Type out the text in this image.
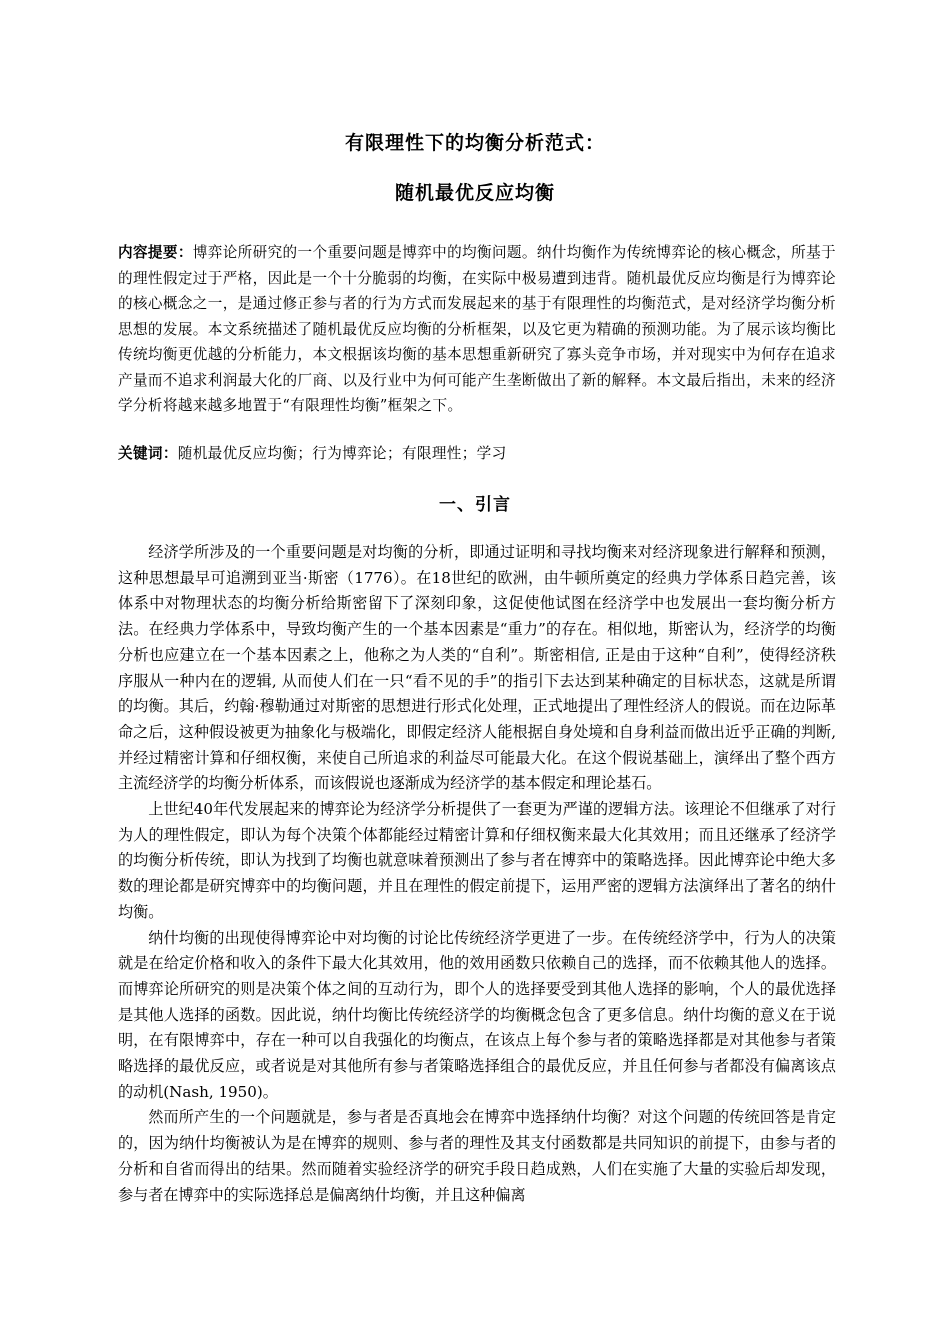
有限理性下的均衡分析范式：
随机最优反应均衡
内容提要：博弈论所研究的一个重要问题是博弈中的均衡问题。纳什均衡作为传统博弈论的核心概念，所基于的理性假定过于严格，因此是一个十分脆弱的均衡，在实际中极易遭到违背。随机最优反应均衡是行为博弈论的核心概念之一，是通过修正参与者的行为方式而发展起来的基于有限理性的均衡范式，是对经济学均衡分析思想的发展。本文系统描述了随机最优反应均衡的分析框架，以及它更为精确的预测功能。为了展示该均衡比传统均衡更优越的分析能力，本文根据该均衡的基本思想重新研究了寡头竞争市场，并对现实中为何存在追求产量而不追求利润最大化的厂商、以及行业中为何可能产生垄断做出了新的解释。本文最后指出，未来的经济学分析将越来越多地置于“有限理性均衡”框架之下。
关键词：随机最优反应均衡；行为博弈论；有限理性；学习
一、引言

经济学所涉及的一个重要问题是对均衡的分析，即通过证明和寻找均衡来对经济现象进行解释和预测，这种思想最早可追溯到亚当·斯密（1776）。在18世纪的欧洲，由牛顿所奠定的经典力学体系日趋完善，该体系中对物理状态的均衡分析给斯密留下了深刻印象，这促使他试图在经济学中也发展出一套均衡分析方法。在经典力学体系中，导致均衡产生的一个基本因素是“重力”的存在。相似地，斯密认为，经济学的均衡分析也应建立在一个基本因素之上，他称之为人类的“自利”。斯密相信, 正是由于这种“自利”，使得经济秩序服从一种内在的逻辑, 从而使人们在一只“看不见的手”的指引下去达到某种确定的目标状态，这就是所谓的均衡。其后，约翰·穆勒通过对斯密的思想进行形式化处理，正式地提出了理性经济人的假说。而在边际革命之后，这种假设被更为抽象化与极端化，即假定经济人能根据自身处境和自身利益而做出近乎正确的判断, 并经过精密计算和仔细权衡，来使自己所追求的利益尽可能最大化。在这个假说基础上，演绎出了整个西方主流经济学的均衡分析体系，而该假说也逐渐成为经济学的基本假定和理论基石。

上世纪40年代发展起来的博弈论为经济学分析提供了一套更为严谨的逻辑方法。该理论不但继承了对行为人的理性假定，即认为每个决策个体都能经过精密计算和仔细权衡来最大化其效用；而且还继承了经济学的均衡分析传统，即认为找到了均衡也就意味着预测出了参与者在博弈中的策略选择。因此博弈论中绝大多数的理论都是研究博弈中的均衡问题，并且在理性的假定前提下，运用严密的逻辑方法演绎出了著名的纳什均衡。

纳什均衡的出现使得博弈论中对均衡的讨论比传统经济学更进了一步。在传统经济学中，行为人的决策就是在给定价格和收入的条件下最大化其效用，他的效用函数只依赖自己的选择，而不依赖其他人的选择。而博弈论所研究的则是决策个体之间的互动行为，即个人的选择要受到其他人选择的影响，个人的最优选择是其他人选择的函数。因此说，纳什均衡比传统经济学的均衡概念包含了更多信息。纳什均衡的意义在于说明，在有限博弈中，存在一种可以自我强化的均衡点，在该点上每个参与者的策略选择都是对其他参与者策略选择的最优反应，或者说是对其他所有参与者策略选择组合的最优反应，并且任何参与者都没有偏离该点的动机(Nash, 1950)。

然而所产生的一个问题就是，参与者是否真地会在博弈中选择纳什均衡？对这个问题的传统回答是肯定的，因为纳什均衡被认为是在博弈的规则、参与者的理性及其支付函数都是共同知识的前提下，由参与者的分析和自省而得出的结果。然而随着实验经济学的研究手段日趋成熟，人们在实施了大量的实验后却发现，参与者在博弈中的实际选择总是偏离纳什均衡，并且这种偏离
